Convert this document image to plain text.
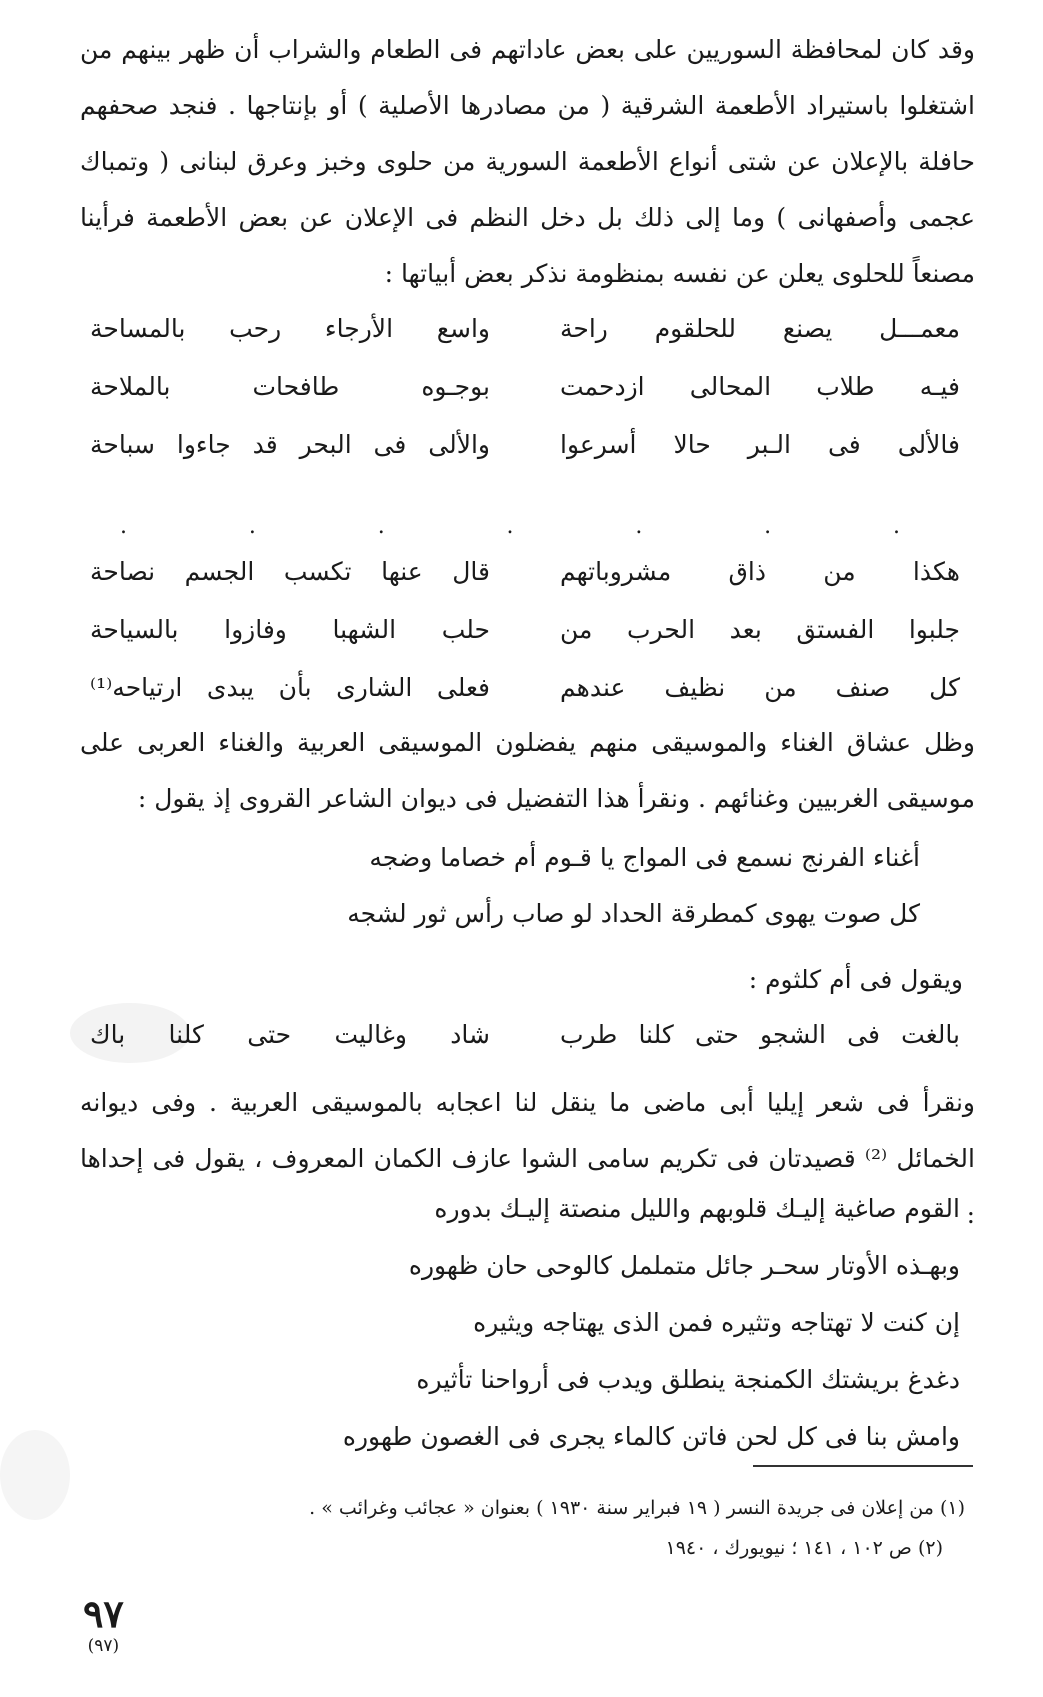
وقد كان لمحافظة السوريين على بعض عاداتهم فى الطعام والشراب أن ظهر بينهم من اشتغلوا باستيراد الأطعمة الشرقية ( من مصادرها الأصلية ) أو بإنتاجها . فنجد صحفهم حافلة بالإعلان عن شتى أنواع الأطعمة السورية من حلوى وخبز وعرق لبنانى ( وتمباك عجمى وأصفهانى ) وما إلى ذلك بل دخل النظم فى الإعلان عن بعض الأطعمة فرأينا مصنعاً للحلوى يعلن عن نفسه بمنظومة نذكر بعض أبياتها :

معمـــل يصنع للحلقوم راحة
واسع الأرجاء رحب بالمساحة
فيـه طلاب المحالى ازدحمت
بوجـوه طافحات بالملاحة
فالألى فى الـبر حالا أسرعوا
والألى فى البحر قد جاءوا سباحة
.
.
.
.
.
.
.
هكذا من ذاق مشروباتهم
قال عنها تكسب الجسم نصاحة
جلبوا الفستق بعد الحرب من
حلب الشهبا وفازوا بالسياحة
كل صنف من نظيف عندهم
فعلى الشارى بأن يبدى ارتياحه⁽¹⁾

وظل عشاق الغناء والموسيقى منهم يفضلون الموسيقى العربية والغناء العربى على موسيقى الغربيين وغنائهم . ونقرأ هذا التفضيل فى ديوان الشاعر القروى إذ يقول :

أغناء الفرنج نسمع فى المواج يا قـوم أم خصاما وضجه
كل صوت يهوى كمطرقة الحداد لو صاب رأس ثور لشجه
ويقول فى أم كلثوم :
بالغت فى الشجو حتى كلنا طرب
شاد وغاليت حتى كلنا باك

ونقرأ فى شعر إيليا أبى ماضى ما ينقل لنا اعجابه بالموسيقى العربية . وفى ديوانه الخمائل ⁽²⁾ قصيدتان فى تكريم سامى الشوا عازف الكمان المعروف ، يقول فى إحداها :

القوم صاغية إليـك قلوبهم والليل منصتة إليـك بدوره
وبهـذه الأوتار سحـر جائل متململ كالوحى حان ظهوره
إن كنت لا تهتاجه وتثيره فمن الذى يهتاجه ويثيره
دغدغ بريشتك الكمنجة ينطلق ويدب فى أرواحنا تأثيره
وامش بنا فى كل لحن فاتن كالماء يجرى فى الغصون طهوره
(١) من إعلان فى جريدة النسر ( ١٩ فبراير سنة ١٩٣٠ ) بعنوان « عجائب وغرائب » .
(٢) ص ١٠٢ ، ١٤١ ؛ نيويورك ، ١٩٤٠
٩٧
(٩٧)
